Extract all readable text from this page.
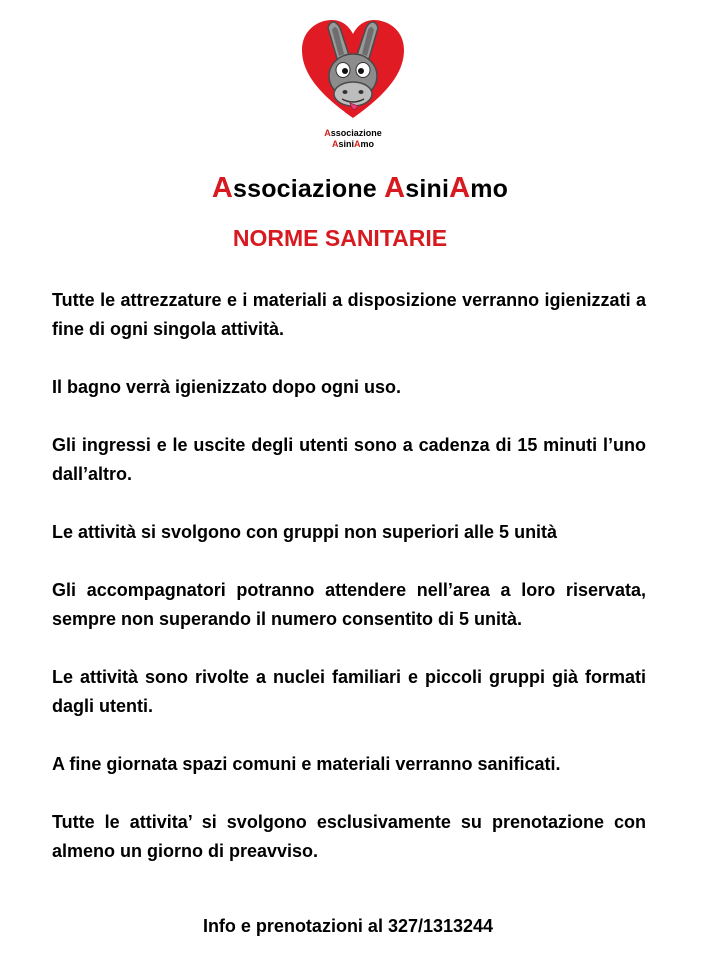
Associazione
AsiniAmo
Associazione AsiniAmo
NORME SANITARIE

Tutte le attrezzature e i materiali a disposizione verranno igienizzati a fine di ogni singola attività.

Il bagno verrà igienizzato dopo ogni uso.

Gli ingressi e le uscite degli utenti sono a cadenza di 15 minuti l’uno dall’altro.

Le attività si svolgono con gruppi non superiori alle 5 unità

Gli accompagnatori potranno attendere nell’area a loro riservata, sempre non superando il numero consentito di 5 unità.

Le attività sono rivolte a nuclei familiari e piccoli gruppi già formati dagli utenti.

A fine giornata spazi comuni e materiali verranno sanificati.

Tutte le attivita’ si svolgono esclusivamente su prenotazione con almeno un giorno di preavviso.

Info e prenotazioni al 327/1313244
